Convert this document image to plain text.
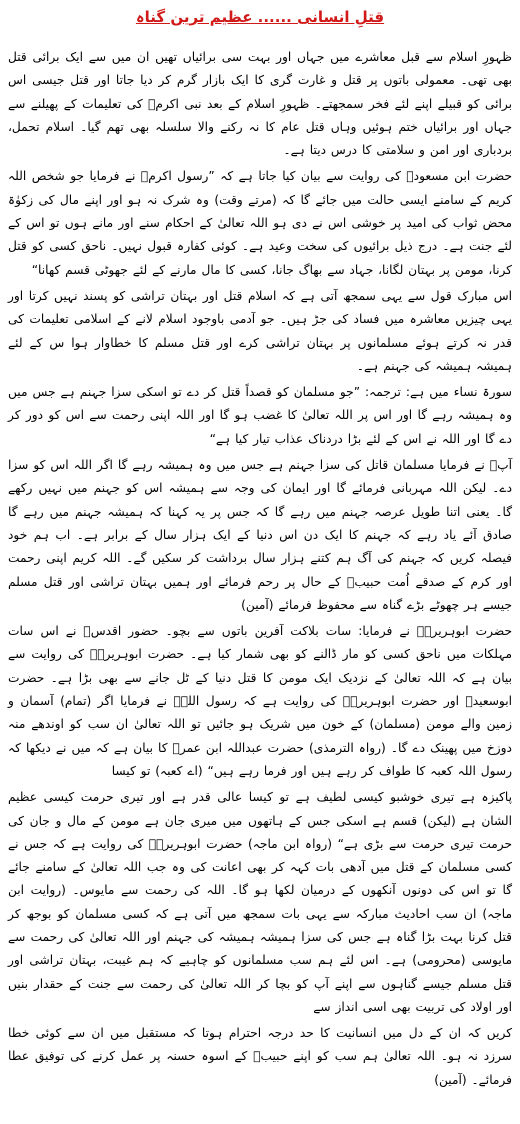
قتلِ انسانی ...... عظیم ترین گناہ

ظہورِ اسلام سے قبل معاشرے میں جہاں اور بہت سی برائیاں تھیں ان میں سے ایک برائی قتل بھی تھی۔ معمولی باتوں پر قتل و غارت گری کا ایک بازار گرم کر دیا جاتا اور قتل جیسی اس برائی کو قبیلے اپنے لئے فخر سمجھتے۔ ظہورِ اسلام کے بعد نبی اکرمؐ کی تعلیمات کے پھیلنے سے جہاں اور برائیاں ختم ہوئیں وہاں قتل عام کا نہ رکنے والا سلسلہ بھی تھم گیا۔ اسلام تحمل، بردباری اور امن و سلامتی کا درس دیتا ہے۔

حضرت ابن مسعودؓ کی روایت سے بیان کیا جاتا ہے کہ ”رسول اکرمؐ نے فرمایا جو شخص اللہ کریم کے سامنے ایسی حالت میں جائے گا کہ (مرتے وقت) وہ شرک نہ ہو اور اپنے مال کی زکوٰۃ محض ثواب کی امید پر خوشی اس نے دی ہو اللہ تعالیٰ کے احکام سنے اور مانے ہوں تو اس کے لئے جنت ہے۔ درج ذیل برائیوں کی سخت وعید ہے۔ کوئی کفارہ قبول نہیں۔ ناحق کسی کو قتل کرنا، مومن پر بہتان لگانا، جہاد سے بھاگ جانا، کسی کا مال مارنے کے لئے جھوٹی قسم کھانا“

اس مبارک قول سے یہی سمجھ آتی ہے کہ اسلام قتل اور بہتان تراشی کو پسند نہیں کرتا اور یہی چیزیں معاشرہ میں فساد کی جڑ ہیں۔ جو آدمی باوجود اسلام لانے کے اسلامی تعلیمات کی قدر نہ کرتے ہوئے مسلمانوں پر بہتان تراشی کرے اور قتل مسلم کا خطاوار ہوا س کے لئے ہمیشہ ہمیشہ کی جہنم ہے۔

سورۃ نساء میں ہے: ترجمہ: ”جو مسلمان کو قصداً قتل کر دے تو اسکی سزا جہنم ہے جس میں وہ ہمیشہ رہے گا اور اس پر اللہ تعالیٰ کا غضب ہو گا اور اللہ اپنی رحمت سے اس کو دور کر دے گا اور اللہ نے اس کے لئے بڑا دردناک عذاب تیار کیا ہے“

آپؐ نے فرمایا مسلمان قاتل کی سزا جہنم ہے جس میں وہ ہمیشہ رہے گا اگر اللہ اس کو سزا دے۔ لیکن اللہ مہربانی فرمائے گا اور ایمان کی وجہ سے ہمیشہ اس کو جہنم میں نہیں رکھے گا۔ یعنی اتنا طویل عرصہ جہنم میں رہے گا کہ جس پر یہ کہنا کہ ہمیشہ جہنم میں رہے گا صادق آئے یاد رہے کہ جہنم کا ایک دن اس دنیا کے ایک ہزار سال کے برابر ہے۔ اب ہم خود فیصلہ کریں کہ جہنم کی آگ ہم کتنے ہزار سال برداشت کر سکیں گے۔ اللہ کریم اپنی رحمت اور کرم کے صدقے اُمت حبیبؐ کے حال پر رحم فرمائے اور ہمیں بہتان تراشی اور قتل مسلم جیسے ہر چھوٹے بڑے گناہ سے محفوظ فرمائے (آمین)

حضرت ابوہریرہؓ نے فرمایا: سات بلاکت آفرین باتوں سے بچو۔ حضور اقدسؐ نے اس سات مہلکات میں ناحق کسی کو مار ڈالنے کو بھی شمار کیا ہے۔ حضرت ابوہریرہؓ کی روایت سے بیان ہے کہ اللہ تعالیٰ کے نزدیک ایک مومن کا قتل دنیا کے ٹل جانے سے بھی بڑا ہے۔ حضرت ابوسعیدؓ اور حضرت ابوہریرہؓ کی روایت ہے کہ رسول اللہؐ نے فرمایا اگر (تمام) آسمان و زمین والے مومن (مسلمان) کے خون میں شریک ہو جائیں تو اللہ تعالیٰ ان سب کو اوندھے منہ دوزخ میں پھینک دے گا۔ (رواہ الترمذی) حضرت عبداللہ ابن عمرؓ کا بیان ہے کہ میں نے دیکھا کہ رسول اللہ کعبہ کا طواف کر رہے ہیں اور فرما رہے ہیں“ (اے کعبہ) تو کیسا

پاکیزہ ہے تیری خوشبو کیسی لطیف ہے تو کیسا عالی قدر ہے اور تیری حرمت کیسی عظیم الشان ہے (لیکن) قسم ہے اسکی جس کے ہاتھوں میں میری جان ہے مومن کے مال و جان کی حرمت تیری حرمت سے بڑی ہے“ (رواہ ابن ماجہ) حضرت ابوہریرہؓ کی روایت ہے کہ جس نے کسی مسلمان کے قتل میں آدھی بات کہہ کر بھی اعانت کی وہ جب اللہ تعالیٰ کے سامنے جائے گا تو اس کی دونوں آنکھوں کے درمیان لکھا ہو گا۔ اللہ کی رحمت سے مایوس۔ (روایت ابن ماجہ) ان سب احادیث مبارکہ سے یہی بات سمجھ میں آتی ہے کہ کسی مسلمان کو بوجھ کر قتل کرنا بہت بڑا گناہ ہے جس کی سزا ہمیشہ ہمیشہ کی جہنم اور اللہ تعالیٰ کی رحمت سے مایوسی (محرومی) ہے۔ اس لئے ہم سب مسلمانوں کو چاہیے کہ ہم غیبت، بہتان تراشی اور قتل مسلم جیسے گناہوں سے اپنے آپ کو بچا کر اللہ تعالیٰ کی رحمت سے جنت کے حقدار بنیں اور اولاد کی تربیت بھی اسی انداز سے

کریں کہ ان کے دل میں انسانیت کا حد درجہ احترام ہوتا کہ مستقبل میں ان سے کوئی خطا سرزد نہ ہو۔ اللہ تعالیٰ ہم سب کو اپنے حبیبؐ کے اسوہ حسنہ پر عمل کرنے کی توفیق عطا فرمائے۔ (آمین)
